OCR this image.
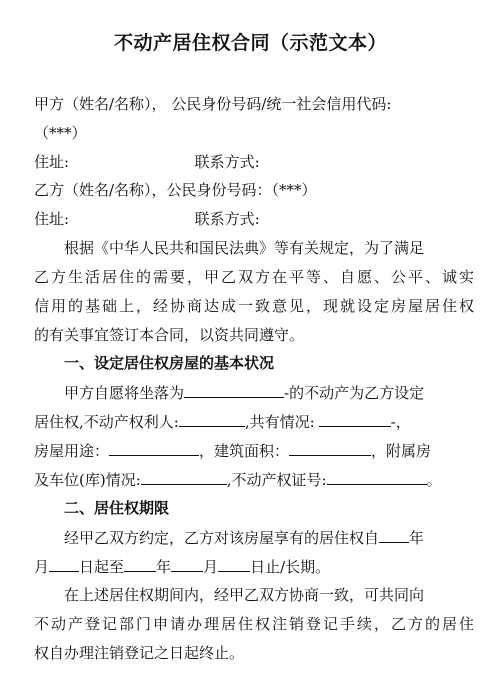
不动产居住权合同（示范文本）
甲方（姓名/名称）， 公民身份号码/统一社会信用代码:
（***）
住址:	联系方式:
乙方（姓名/名称），公民身份号码：（***）
住址:	联系方式:
根据《中华人民共和国民法典》等有关规定，为了满足
乙方生活居住的需要，甲乙双方在平等、自愿、公平、诚实
信用的基础上，经协商达成一致意见，现就设定房屋居住权
的有关事宜签订本合同，以资共同遵守。
一、设定居住权房屋的基本状况
甲方自愿将坐落为	-的不动产为乙方设定
居住权,不动产权利人:	,共有情况:	-，
房屋用途：	，建筑面积：	，附属房
及车位(库)情况:	,不动产权证号:	。
二、居住权期限
经甲乙双方约定，乙方对该房屋享有的居住权自 年
月 日起至 年 月 日止/长期。
在上述居住权期间内，经甲乙双方协商一致，可共同向
不动产登记部门申请办理居住权注销登记手续，乙方的居住
权自办理注销登记之日起终止。
